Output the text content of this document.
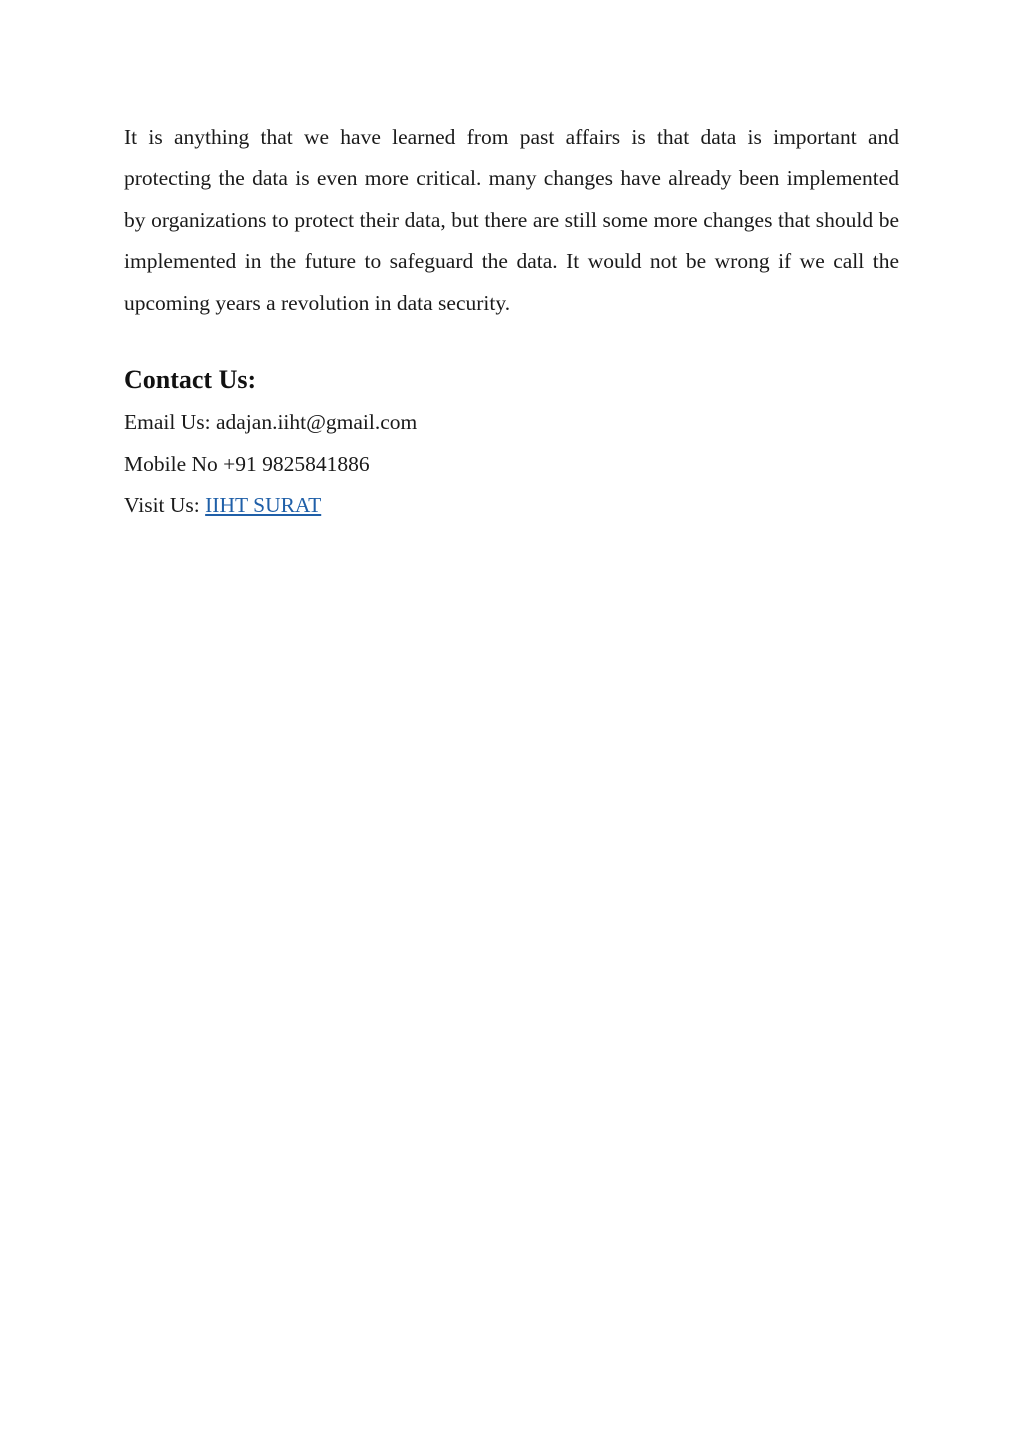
It is anything that we have learned from past affairs is that data is important and protecting the data is even more critical. many changes have already been implemented by organizations to protect their data, but there are still some more changes that should be implemented in the future to safeguard the data. It would not be wrong if we call the upcoming years a revolution in data security.

Contact Us:

Email Us: adajan.iiht@gmail.com

Mobile No +91 9825841886

Visit Us: IIHT SURAT
